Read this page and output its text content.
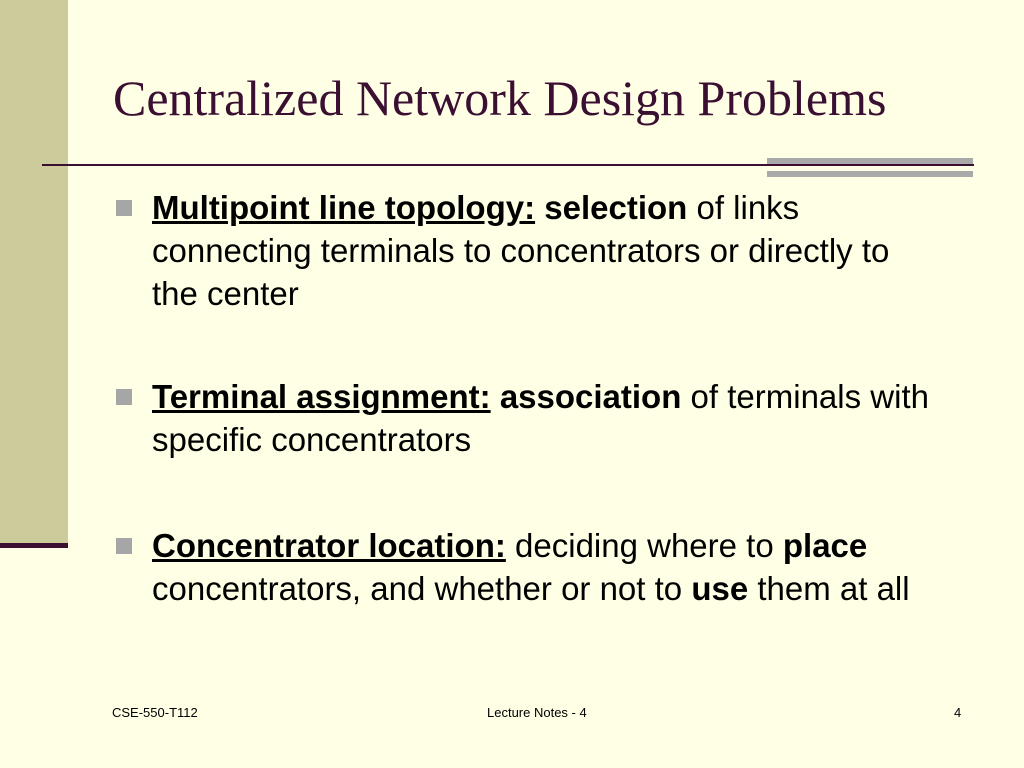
Centralized Network Design Problems
Multipoint line topology: selection of links connecting terminals to concentrators or directly to the center
Terminal assignment: association of terminals with specific concentrators
Concentrator location: deciding where to place concentrators, and whether or not to use them at all
CSE-550-T112	Lecture Notes - 4	4
